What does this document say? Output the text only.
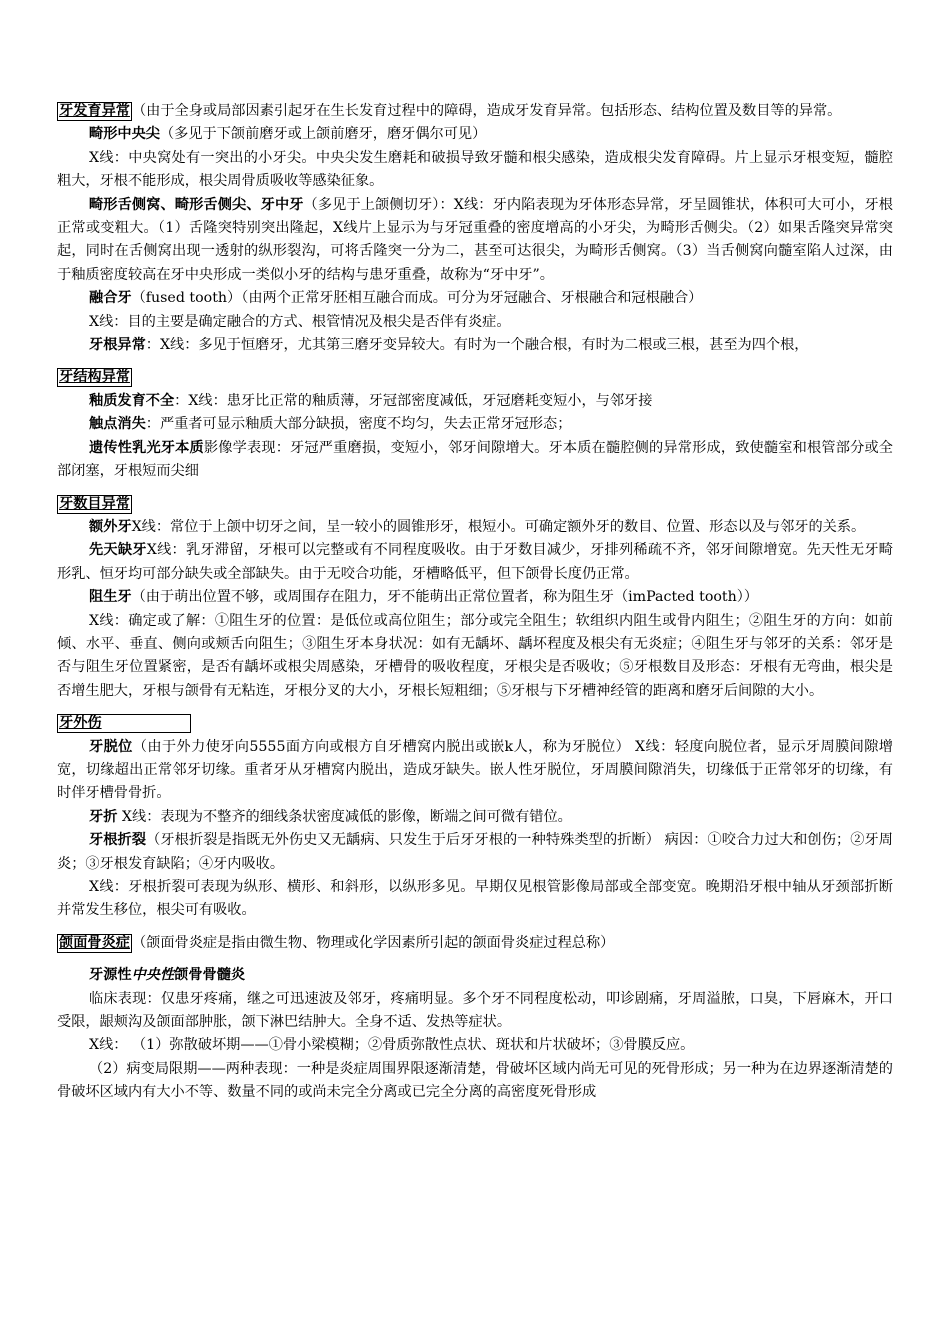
牙发育异常 （由于全身或局部因素引起牙在生长发育过程中的障碍，造成牙发育异常。包括形态、结构位置及数目等的异常。

畸形中央尖（多见于下颌前磨牙或上颌前磨牙，磨牙偶尔可见）

X线：中央窝处有一突出的小牙尖。中央尖发生磨耗和破损导致牙髓和根尖感染，造成根尖发育障碍。片上显示牙根变短，髓腔粗大，牙根不能形成，根尖周骨质吸收等感染征象。

畸形舌侧窝、畸形舌侧尖、牙中牙（多见于上颌侧切牙）：X线：牙内陷表现为牙体形态异常，牙呈圆锥状，体积可大可小，牙根正常或变粗大。（1）舌隆突特别突出隆起，X线片上显示为与牙冠重叠的密度增高的小牙尖，为畸形舌侧尖。（2）如果舌隆突异常突起，同时在舌侧窝出现一透射的纵形裂沟，可将舌隆突一分为二，甚至可达很尖，为畸形舌侧窝。（3）当舌侧窝向髓室陷人过深，由于釉质密度较高在牙中央形成一类似小牙的结构与患牙重叠，故称为“牙中牙”。

融合牙（fused tooth）（由两个正常牙胚相互融合而成。可分为牙冠融合、牙根融合和冠根融合）

X线：目的主要是确定融合的方式、根管情况及根尖是否伴有炎症。

牙根异常：X线：多见于恒磨牙，尤其第三磨牙变异较大。有时为一个融合根，有时为二根或三根，甚至为四个根，

牙结构异常

釉质发育不全：X线：患牙比正常的釉质薄，牙冠部密度减低，牙冠磨耗变短小，与邻牙接

触点消失：严重者可显示釉质大部分缺损，密度不均匀，失去正常牙冠形态；

遗传性乳光牙本质影像学表现：牙冠严重磨损，变短小，邻牙间隙增大。牙本质在髓腔侧的异常形成，致使髓室和根管部分或全部闭塞，牙根短而尖细

牙数目异常

额外牙X线：常位于上颌中切牙之间，呈一较小的圆锥形牙，根短小。可确定额外牙的数目、位置、形态以及与邻牙的关系。

先天缺牙X线：乳牙滞留，牙根可以完整或有不同程度吸收。由于牙数目减少，牙排列稀疏不齐，邻牙间隙增宽。先天性无牙畸形乳、恒牙均可部分缺失或全部缺失。由于无咬合功能，牙槽略低平，但下颌骨长度仍正常。

阻生牙（由于萌出位置不够，或周围存在阻力，牙不能萌出正常位置者，称为阻生牙（imPacted tooth））

X线：确定或了解：①阻生牙的位置：是低位或高位阻生；部分或完全阻生；软组织内阻生或骨内阻生；②阻生牙的方向：如前倾、水平、垂直、侧向或颊舌向阻生；③阻生牙本身状况：如有无龋坏、龋坏程度及根尖有无炎症；④阻生牙与邻牙的关系：邻牙是否与阻生牙位置紧密，是否有龋坏或根尖周感染，牙槽骨的吸收程度，牙根尖是否吸收；⑤牙根数目及形态：牙根有无弯曲，根尖是否增生肥大，牙根与颌骨有无粘连，牙根分叉的大小，牙根长短粗细；⑤牙根与下牙槽神经管的距离和磨牙后间隙的大小。

牙外伤

牙脱位（由于外力使牙向5555面方向或根方自牙槽窝内脱出或嵌k人，称为牙脱位） X线：轻度向脱位者，显示牙周膜间隙增宽，切缘超出正常邻牙切缘。重者牙从牙槽窝内脱出，造成牙缺失。嵌人性牙脱位，牙周膜间隙消失，切缘低于正常邻牙的切缘，有时伴牙槽骨骨折。

牙折 X线：表现为不整齐的细线条状密度减低的影像，断端之间可微有错位。

牙根折裂（牙根折裂是指既无外伤史又无龋病、只发生于后牙牙根的一种特殊类型的折断） 病因：①咬合力过大和创伤；②牙周炎；③牙根发育缺陷；④牙内吸收。

X线：牙根折裂可表现为纵形、横形、和斜形，以纵形多见。早期仅见根管影像局部或全部变宽。晚期沿牙根中轴从牙颈部折断并常发生移位，根尖可有吸收。

颌面骨炎症 （颌面骨炎症是指由微生物、物理或化学因素所引起的颌面骨炎症过程总称）

牙源性中央性颌骨骨髓炎

临床表现：仅患牙疼痛，继之可迅速波及邻牙，疼痛明显。多个牙不同程度松动，叩诊剧痛，牙周溢脓，口臭，下唇麻木，开口受限，龈颊沟及颌面部肿胀，颌下淋巴结肿大。全身不适、发热等症状。

X线： （1）弥散破坏期——①骨小梁模糊；②骨质弥散性点状、斑状和片状破坏；③骨膜反应。

（2）病变局限期——两种表现：一种是炎症周围界限逐渐清楚，骨破坏区域内尚无可见的死骨形成；另一种为在边界逐渐清楚的骨破坏区域内有大小不等、数量不同的或尚未完全分离或已完全分离的高密度死骨形成
